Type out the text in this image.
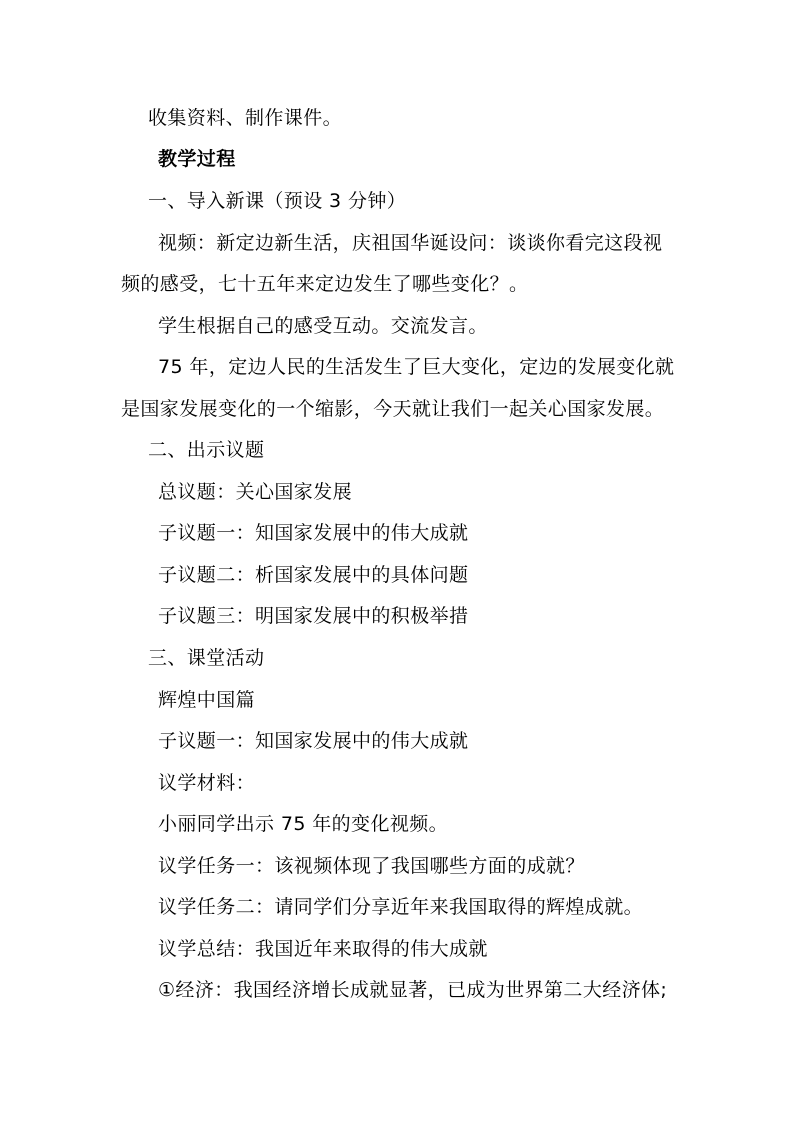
收集资料、制作课件。
教学过程
一、导入新课（预设 3 分钟）
视频：新定边新生活，庆祖国华诞设问：谈谈你看完这段视
频的感受，七十五年来定边发生了哪些变化？。
学生根据自己的感受互动。交流发言。
75 年，定边人民的生活发生了巨大变化，定边的发展变化就
是国家发展变化的一个缩影，今天就让我们一起关心国家发展。
二、出示议题
总议题：关心国家发展
子议题一：知国家发展中的伟大成就
子议题二：析国家发展中的具体问题
子议题三：明国家发展中的积极举措
三、课堂活动
辉煌中国篇
子议题一：知国家发展中的伟大成就
议学材料：
小丽同学出示 75 年的变化视频。
议学任务一：该视频体现了我国哪些方面的成就？
议学任务二：请同学们分享近年来我国取得的辉煌成就。
议学总结：我国近年来取得的伟大成就
①经济：我国经济增长成就显著，已成为世界第二大经济体;
